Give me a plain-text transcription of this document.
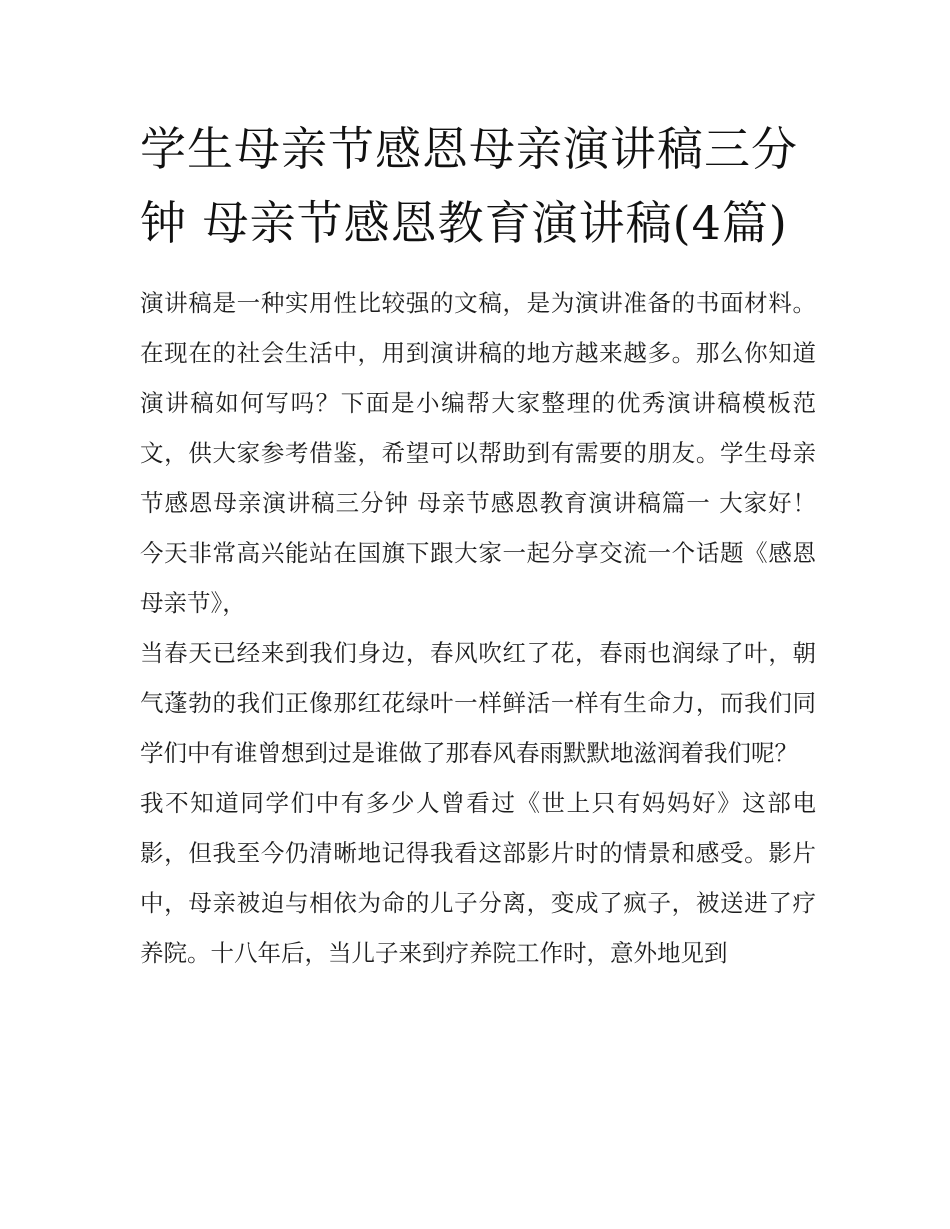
学生母亲节感恩母亲演讲稿三分钟 母亲节感恩教育演讲稿(4篇)

演讲稿是一种实用性比较强的文稿，是为演讲准备的书面材料。在现在的社会生活中，用到演讲稿的地方越来越多。那么你知道演讲稿如何写吗？下面是小编帮大家整理的优秀演讲稿模板范文，供大家参考借鉴，希望可以帮助到有需要的朋友。学生母亲节感恩母亲演讲稿三分钟 母亲节感恩教育演讲稿篇一 大家好！ 今天非常高兴能站在国旗下跟大家一起分享交流一个话题《感恩母亲节》，

当春天已经来到我们身边，春风吹红了花，春雨也润绿了叶，朝气蓬勃的我们正像那红花绿叶一样鲜活一样有生命力，而我们同学们中有谁曾想到过是谁做了那春风春雨默默地滋润着我们呢？

我不知道同学们中有多少人曾看过《世上只有妈妈好》这部电影，但我至今仍清晰地记得我看这部影片时的情景和感受。影片中，母亲被迫与相依为命的儿子分离，变成了疯子，被送进了疗养院。十八年后，当儿子来到疗养院工作时，意外地见到
